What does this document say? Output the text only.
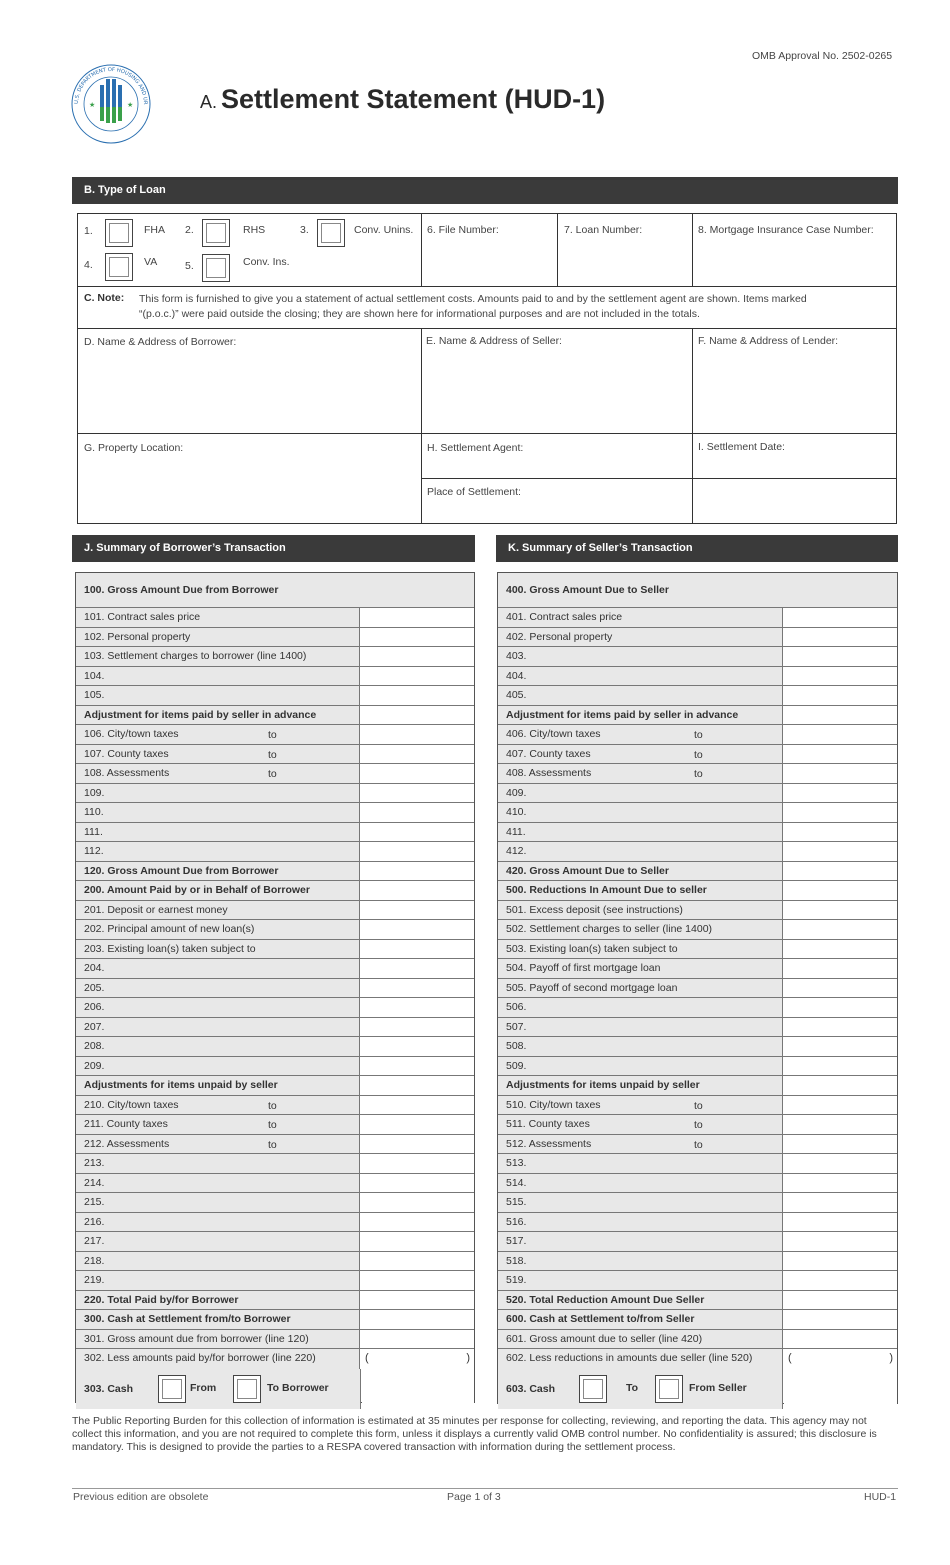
OMB Approval No. 2502-0265
★	★
U.S. DEPARTMENT OF HOUSING AND UR	A. Settlement Statement (HUD-1)
B. Type of Loan
1.	FHA 2.	RHS	3.	Conv. Unins.
4.	VA	5.	Conv. Ins.
6. File Number:	7. Loan Number:	8. Mortgage Insurance Case Number:
C. Note: This form is furnished to give you a statement of actual settlement costs. Amounts paid to and by the settlement agent are shown. Items marked “(p.o.c.)” were paid outside the closing; they are shown here for informational purposes and are not included in the totals.
D. Name & Address of Borrower:	E. Name & Address of Seller:	F. Name & Address of Lender:
G. Property Location:	H. Settlement Agent:	I. Settlement Date:
Place of Settlement:
J. Summary of Borrower’s Transaction	K. Summary of Seller’s Transaction
100. Gross Amount Due from Borrower
101. Contract sales price
102. Personal property
103. Settlement charges to borrower (line 1400)
104.
105.
Adjustment for items paid by seller in advance
106. City/town taxes	to
107. County taxes	to
108. Assessments	to
109.
110.
111.
112.
120. Gross Amount Due from Borrower
200. Amount Paid by or in Behalf of Borrower
201. Deposit or earnest money
202. Principal amount of new loan(s)
203. Existing loan(s) taken subject to
204.
205.
206.
207.
208.
209.
Adjustments for items unpaid by seller
210. City/town taxes	to
211. County taxes	to
212. Assessments	to
213.
214.
215.
216.
217.
218.
219.
220. Total Paid by/for Borrower
300. Cash at Settlement from/to Borrower
301. Gross amount due from borrower (line 120)
302. Less amounts paid by/for borrower (line 220)	(	)
303. Cash	From	To Borrower
400. Gross Amount Due to Seller
401. Contract sales price
402. Personal property
403.
404.
405.
Adjustment for items paid by seller in advance
406. City/town taxes	to
407. County taxes	to
408. Assessments	to
409.
410.
411.
412.
420. Gross Amount Due to Seller
500. Reductions In Amount Due to seller
501. Excess deposit (see instructions)
502. Settlement charges to seller (line 1400)
503. Existing loan(s) taken subject to
504. Payoff of first mortgage loan
505. Payoff of second mortgage loan
506.
507.
508.
509.
Adjustments for items unpaid by seller
510. City/town taxes	to
511. County taxes	to
512. Assessments	to
513.
514.
515.
516.
517.
518.
519.
520. Total Reduction Amount Due Seller
600. Cash at Settlement to/from Seller
601. Gross amount due to seller (line 420)
602. Less reductions in amounts due seller (line 520)	(	)
603. Cash	To	From Seller
The Public Reporting Burden for this collection of information is estimated at 35 minutes per response for collecting, reviewing, and reporting the data. This agency may not collect this information, and you are not required to complete this form, unless it displays a currently valid OMB control number. No confidentiality is assured; this disclosure is mandatory. This is designed to provide the parties to a RESPA covered transaction with information during the settlement process.
Previous edition are obsolete	Page 1 of 3	HUD-1
